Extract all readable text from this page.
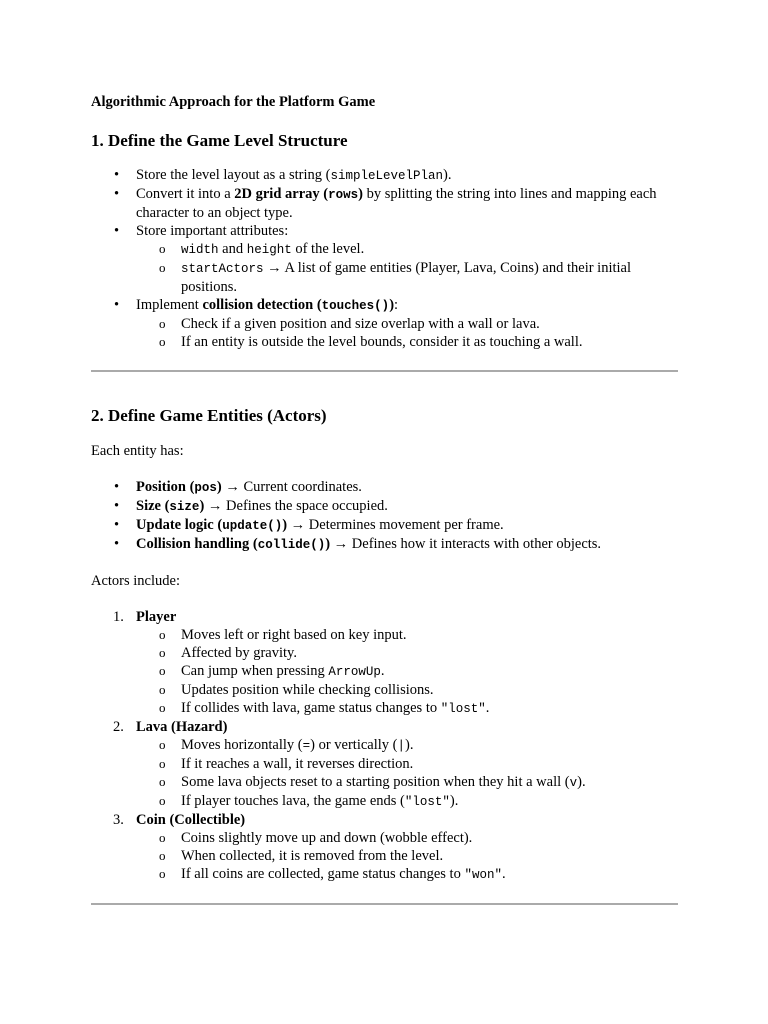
Algorithmic Approach for the Platform Game

1. Define the Game Level Structure
• Store the level layout as a string (simpleLevelPlan).
• Convert it into a 2D grid array (rows) by splitting the string into lines and mapping each character to an object type.
• Store important attributes:
o width and height of the level.
o startActors → A list of game entities (Player, Lava, Coins) and their initial positions.
• Implement collision detection (touches()):
o Check if a given position and size overlap with a wall or lava.
o If an entity is outside the level bounds, consider it as touching a wall.
2. Define Game Entities (Actors)

Each entity has:

• Position (pos) → Current coordinates.
• Size (size) → Defines the space occupied.
• Update logic (update()) → Determines movement per frame.
• Collision handling (collide()) → Defines how it interacts with other objects.

Actors include:

1. Player
o Moves left or right based on key input.
o Affected by gravity.
o Can jump when pressing ArrowUp.
o Updates position while checking collisions.
o If collides with lava, game status changes to "lost".
2. Lava (Hazard)
o Moves horizontally (=) or vertically (|).
o If it reaches a wall, it reverses direction.
o Some lava objects reset to a starting position when they hit a wall (v).
o If player touches lava, the game ends ("lost").
3. Coin (Collectible)
o Coins slightly move up and down (wobble effect).
o When collected, it is removed from the level.
o If all coins are collected, game status changes to "won".
